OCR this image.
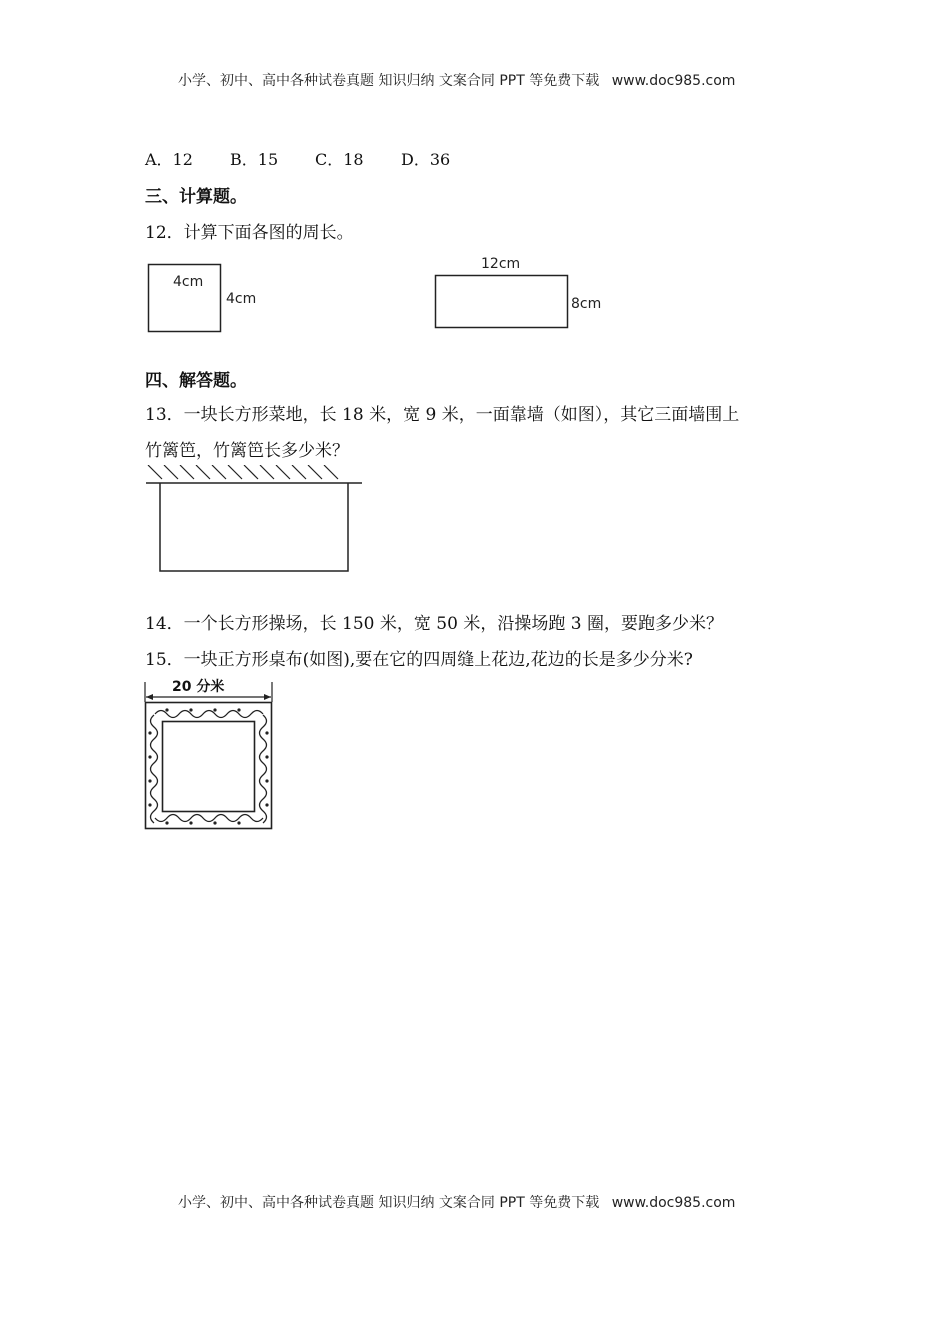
小学、初中、高中各种试卷真题 知识归纳 文案合同 PPT 等免费下载 www.doc985.com
A．12 B．15 C．18 D．36
三、计算题。
12．计算下面各图的周长。
4cm
4cm
12cm
8cm
四、解答题。
13．一块长方形菜地，长 18 米，宽 9 米，一面靠墙（如图），其它三面墙围上
竹篱笆，竹篱笆长多少米？
14．一个长方形操场，长 150 米，宽 50 米，沿操场跑 3 圈，要跑多少米？
15．一块正方形桌布(如图),要在它的四周缝上花边,花边的长是多少分米?
20 分米
小学、初中、高中各种试卷真题 知识归纳 文案合同 PPT 等免费下载 www.doc985.com
